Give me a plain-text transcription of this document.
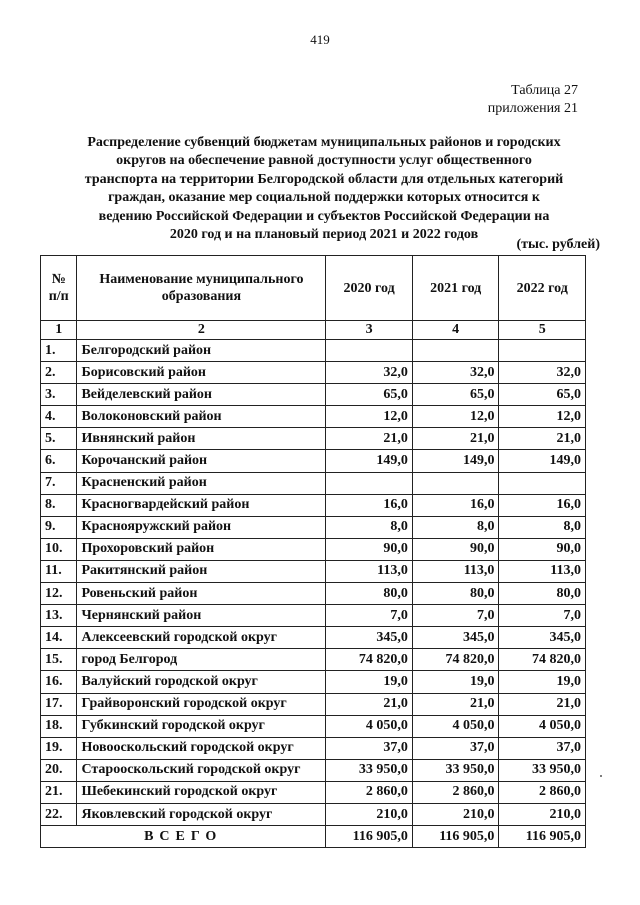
419
Таблица 27
приложения 21
Распределение субвенций бюджетам муниципальных районов и городских
округов на обеспечение равной доступности услуг общественного
транспорта на территории Белгородской области для отдельных категорий
граждан, оказание мер социальной поддержки которых относится к
ведению Российской Федерации и субъектов Российской Федерации на
2020 год и на плановый период 2021 и 2022 годов
(тыс. рублей)
№ п/п	Наименование муниципального образования	2020 год	2021 год	2022 год
1	2	3	4	5
1.	Белгородский район			
2.	Борисовский район	32,0	32,0	32,0
3.	Вейделевский район	65,0	65,0	65,0
4.	Волоконовский район	12,0	12,0	12,0
5.	Ивнянский район	21,0	21,0	21,0
6.	Корочанский район	149,0	149,0	149,0
7.	Красненский район			
8.	Красногвардейский район	16,0	16,0	16,0
9.	Краснояружский район	8,0	8,0	8,0
10.	Прохоровский район	90,0	90,0	90,0
11.	Ракитянский район	113,0	113,0	113,0
12.	Ровеньский район	80,0	80,0	80,0
13.	Чернянский район	7,0	7,0	7,0
14.	Алексеевский городской округ	345,0	345,0	345,0
15.	город Белгород	74 820,0	74 820,0	74 820,0
16.	Валуйский городской округ	19,0	19,0	19,0
17.	Грайворонский городской округ	21,0	21,0	21,0
18.	Губкинский городской округ	4 050,0	4 050,0	4 050,0
19.	Новооскольский городской округ	37,0	37,0	37,0
20.	Старооскольский городской округ	33 950,0	33 950,0	33 950,0
21.	Шебекинский городской округ	2 860,0	2 860,0	2 860,0
22.	Яковлевский городской округ	210,0	210,0	210,0
ВСЕГО		116 905,0	116 905,0	116 905,0
